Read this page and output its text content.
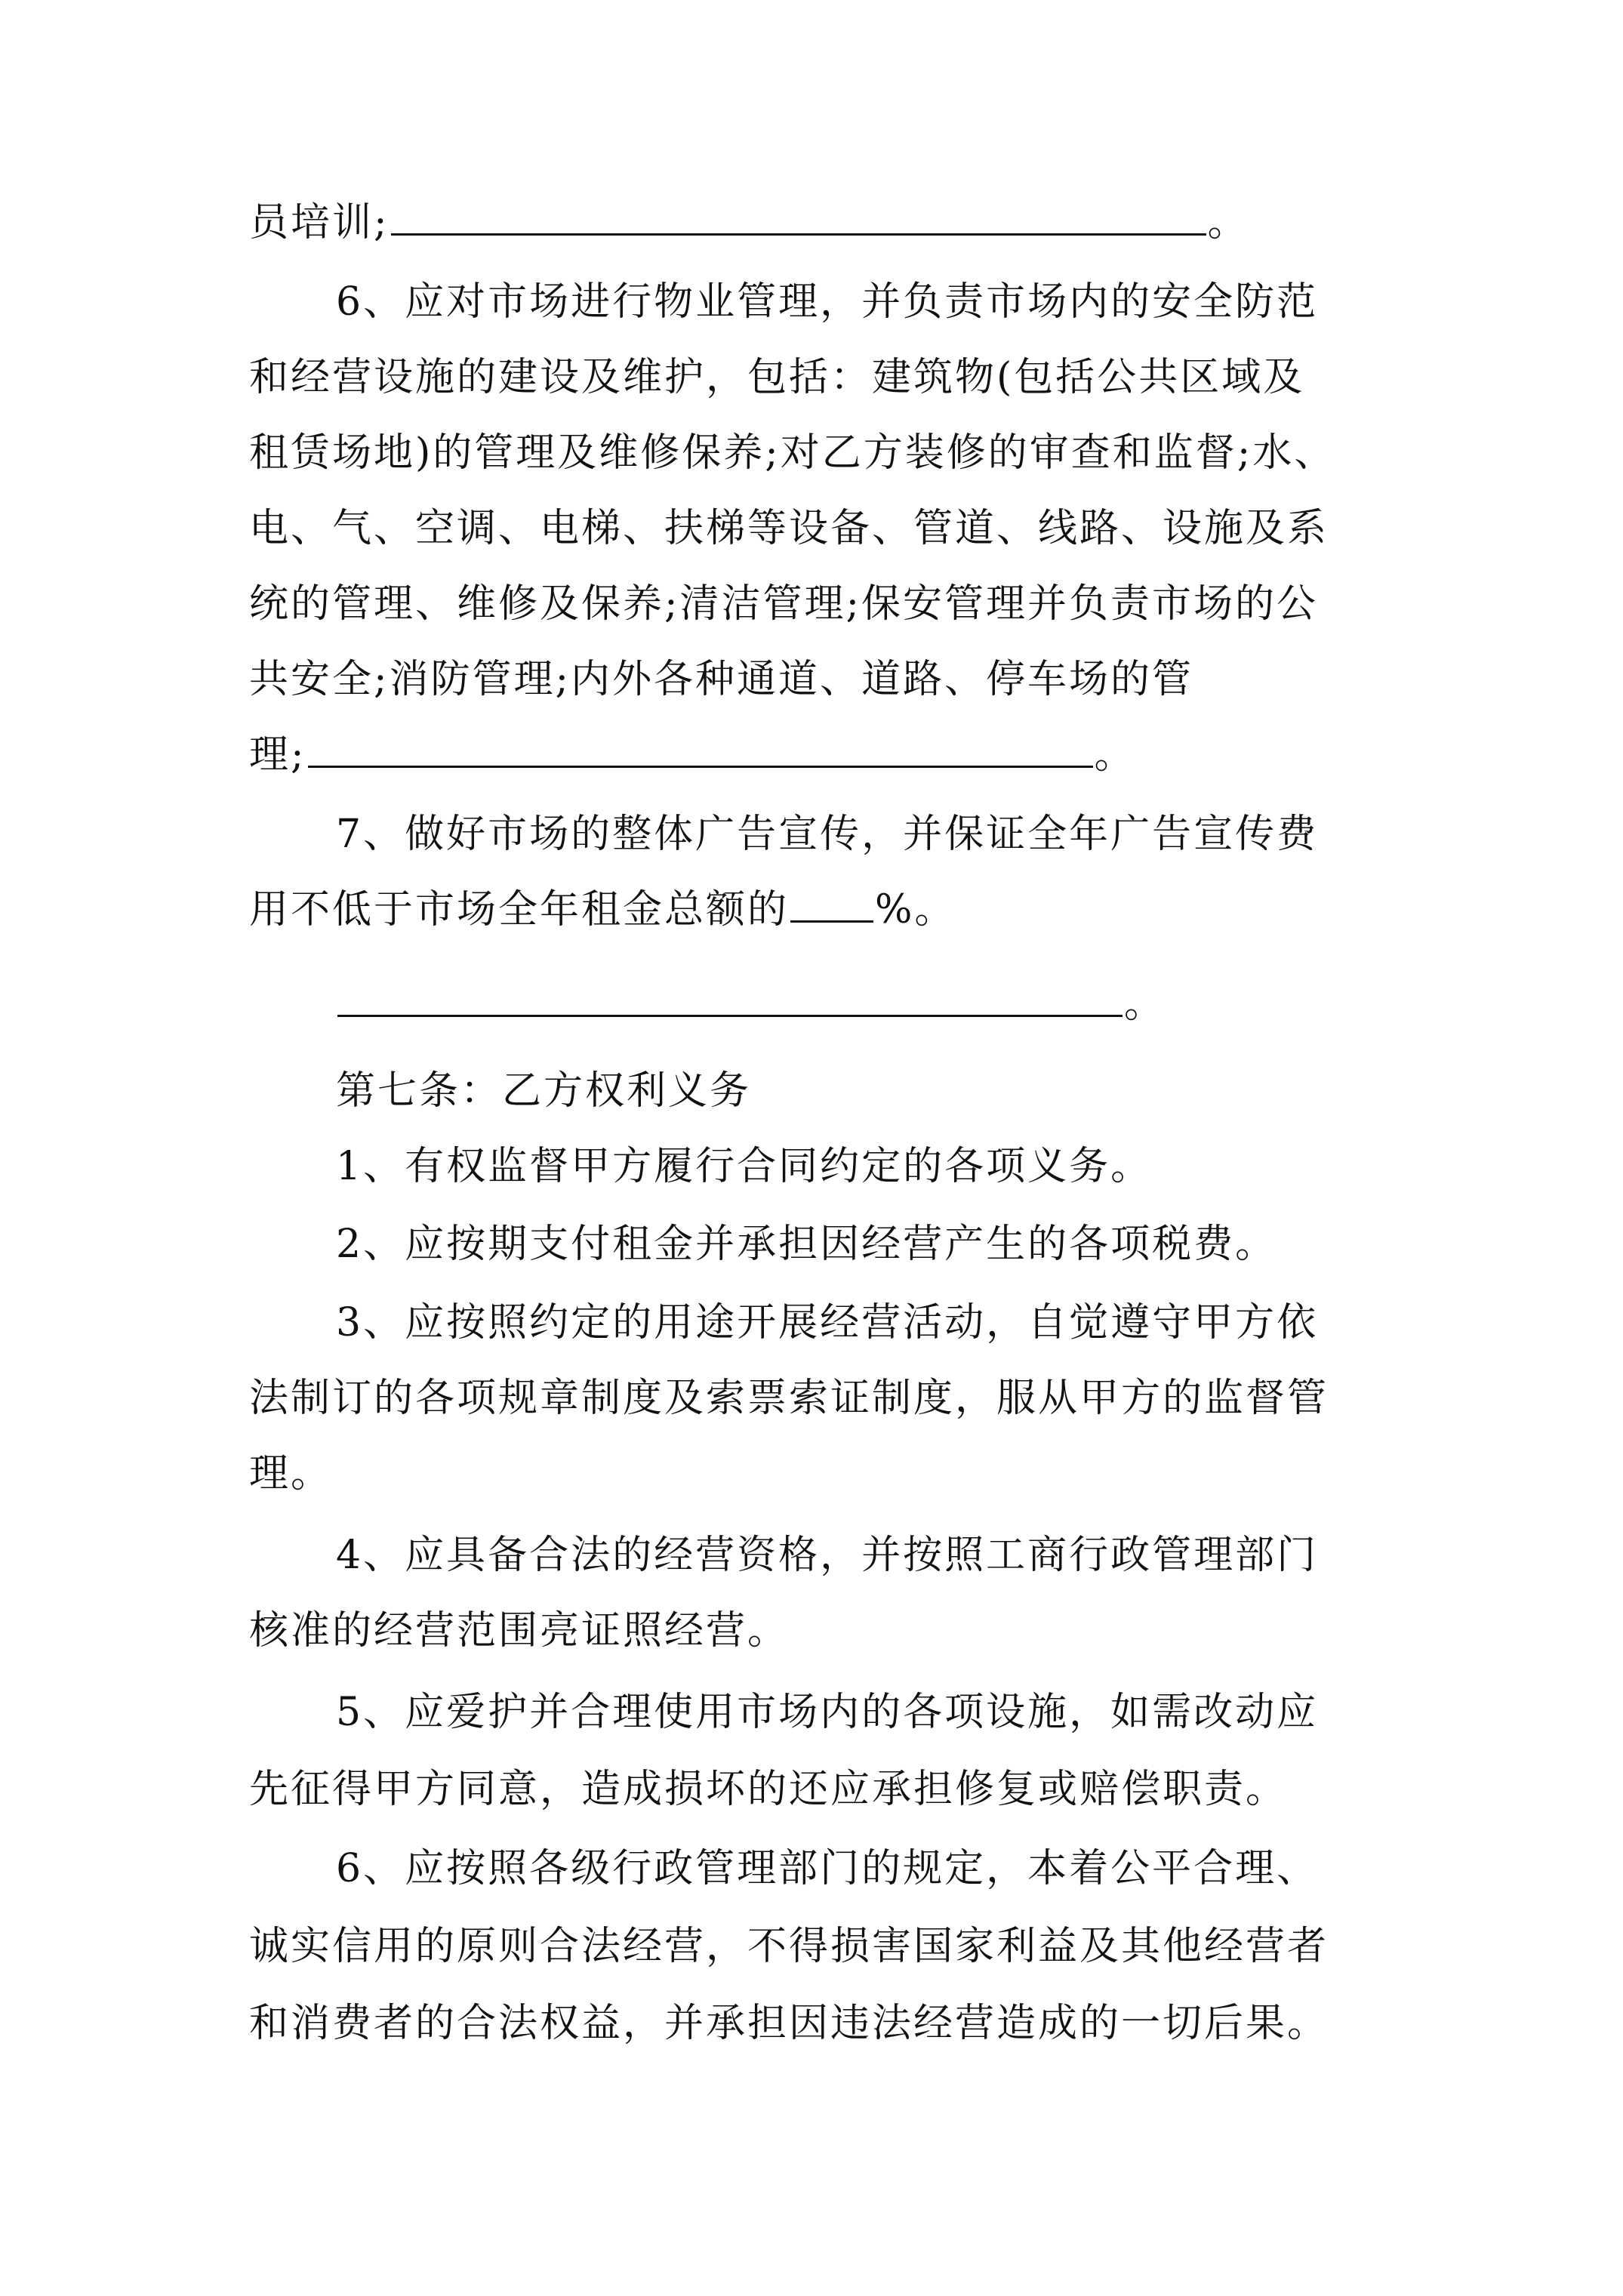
员培训;	。
6、应对市场进行物业管理，并负责市场内的安全防范
和经营设施的建设及维护，包括：建筑物(包括公共区域及
租赁场地)的管理及维修保养;对乙方装修的审查和监督;水、
电、气、空调、电梯、扶梯等设备、管道、线路、设施及系
统的管理、维修及保养;清洁管理;保安管理并负责市场的公
共安全;消防管理;内外各种通道、道路、停车场的管
理;	。
7、做好市场的整体广告宣传，并保证全年广告宣传费
用不低于市场全年租金总额的 %。
。
第七条：乙方权利义务
1、有权监督甲方履行合同约定的各项义务。
2、应按期支付租金并承担因经营产生的各项税费。
3、应按照约定的用途开展经营活动，自觉遵守甲方依
法制订的各项规章制度及索票索证制度，服从甲方的监督管
理。
4、应具备合法的经营资格，并按照工商行政管理部门
核准的经营范围亮证照经营。
5、应爱护并合理使用市场内的各项设施，如需改动应
先征得甲方同意，造成损坏的还应承担修复或赔偿职责。
6、应按照各级行政管理部门的规定，本着公平合理、
诚实信用的原则合法经营，不得损害国家利益及其他经营者
和消费者的合法权益，并承担因违法经营造成的一切后果。
